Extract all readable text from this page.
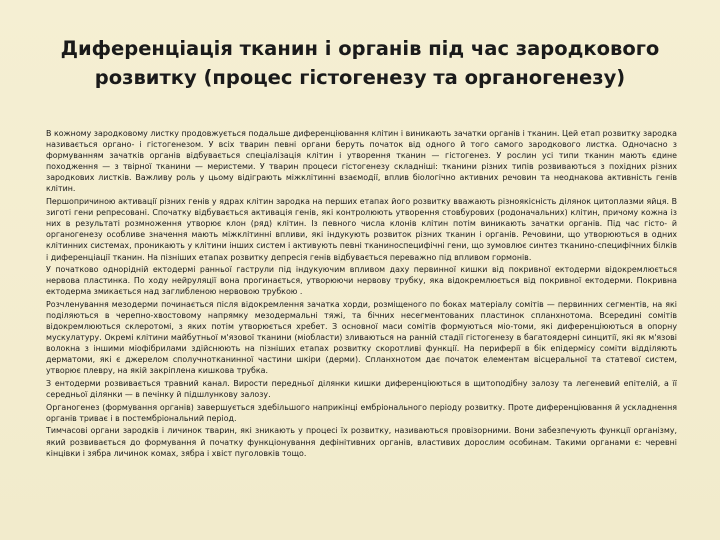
Диференціація тканин і органів під час зародкового розвитку (процес гістогенезу та органогенезу)

В кожному зародковому листку продовжується подальше диференціювання клітин і виникають зачатки органів і тканин. Цей етап розвитку зародка називається органо- і гістогенезом. У всіх тварин певні органи беруть початок від одного й того самого зародкового листка. Одночасно з формуванням зачатків органів відбувається спеціалізація клітин і утворення тканин — гістогенез. У рослин усі типи тканин мають єдине походження — з твірної тканини — меристеми. У тварин процеси гістогенезу складніші: тканини різних типів розвиваються з похідних різних зародкових листків. Важливу роль у цьому відіграють міжклітинні взаємодії, вплив біологічно активних речовин та неоднакова активність генів клітин.

Першопричиною активації різних генів у ядрах клітин зародка на перших етапах його розвитку вважають різноякісність ділянок цитоплазми яйця. В зиготі гени репресовані. Спочатку відбувається активація генів, які контролюють утворення стовбурових (родоначальних) клітин, причому кожна із них в результаті розмноження утворює клон (ряд) клітин. Із певного числа клонів клітин потім виникають зачатки органів. Під час гісто- й органогенезу особливе значення мають міжклітинні впливи, які індукують розвиток різних тканин і органів. Речовини, що утворюються в одних клітинних системах, проникають у клітини інших систем і активують певні тканиноспецифічні гени, що зумовлює синтез тканино-специфічних білків і диференціації тканин. На пізніших етапах розвитку депресія генів відбувається переважно під впливом гормонів.

У початково однорідній ектодермі ранньої гаструли під індукуючим впливом даху первинної кишки від покривної ектодерми відокремлюється нервова пластинка. По ходу нейруляції вона прогинається, утворюючи нервову трубку, яка відокремлюється від покривної ектодерми. Покривна ектодерма змикається над заглибленою нервовою трубкою .

Розчленування мезодерми починається після відокремлення зачатка хорди, розміщеного по боках матеріалу сомітів — первинних сегментів, на які поділяються в черепно-хвостовому напрямку мезодермальні тяжі, та бічних несегментованих пластинок спланхнотома. Всередині сомітів відокремлюються склеротомі, з яких потім утворюється хребет. З основної маси сомітів формуються міо-томи, які диференціюються в опорну мускулатуру. Окремі клітини майбутньої м'язової тканини (міобласти) зливаються на ранній стадії гістогенезу в багатоядерні синцитії, які як м'язові волокна з іншими міофібрилами здійснюють на пізніших етапах розвитку скоротливі функції. На периферії в бік епідермісу соміти відділяють дерматоми, які є джерелом сполучнотканинної частини шкіри (дерми). Спланхнотом дає початок елементам вісцеральної та статевої систем, утворює плевру, на якій закріплена кишкова трубка.

З ентодерми розвивається травний канал. Вирости передньої ділянки кишки диференціюються в щитоподібну залозу та легеневий епітелій, а її середньої ділянки — в печінку й підшлункову залозу.

Органогенез (формування органів) завершується здебільшого наприкінці ембріонального періоду розвитку. Проте диференціювання й ускладнення органів триває і в постембріональний період.

Тимчасові органи зародків і личинок тварин, які зникають у процесі їх розвитку, називаються провізорними. Вони забезпечують функції організму, який розвивається до формування й початку функціонування дефінітивних органів, властивих дорослим особинам. Такими органами є: черевні кінцівки і зябра личинок комах, зябра і хвіст пуголовків тощо.
